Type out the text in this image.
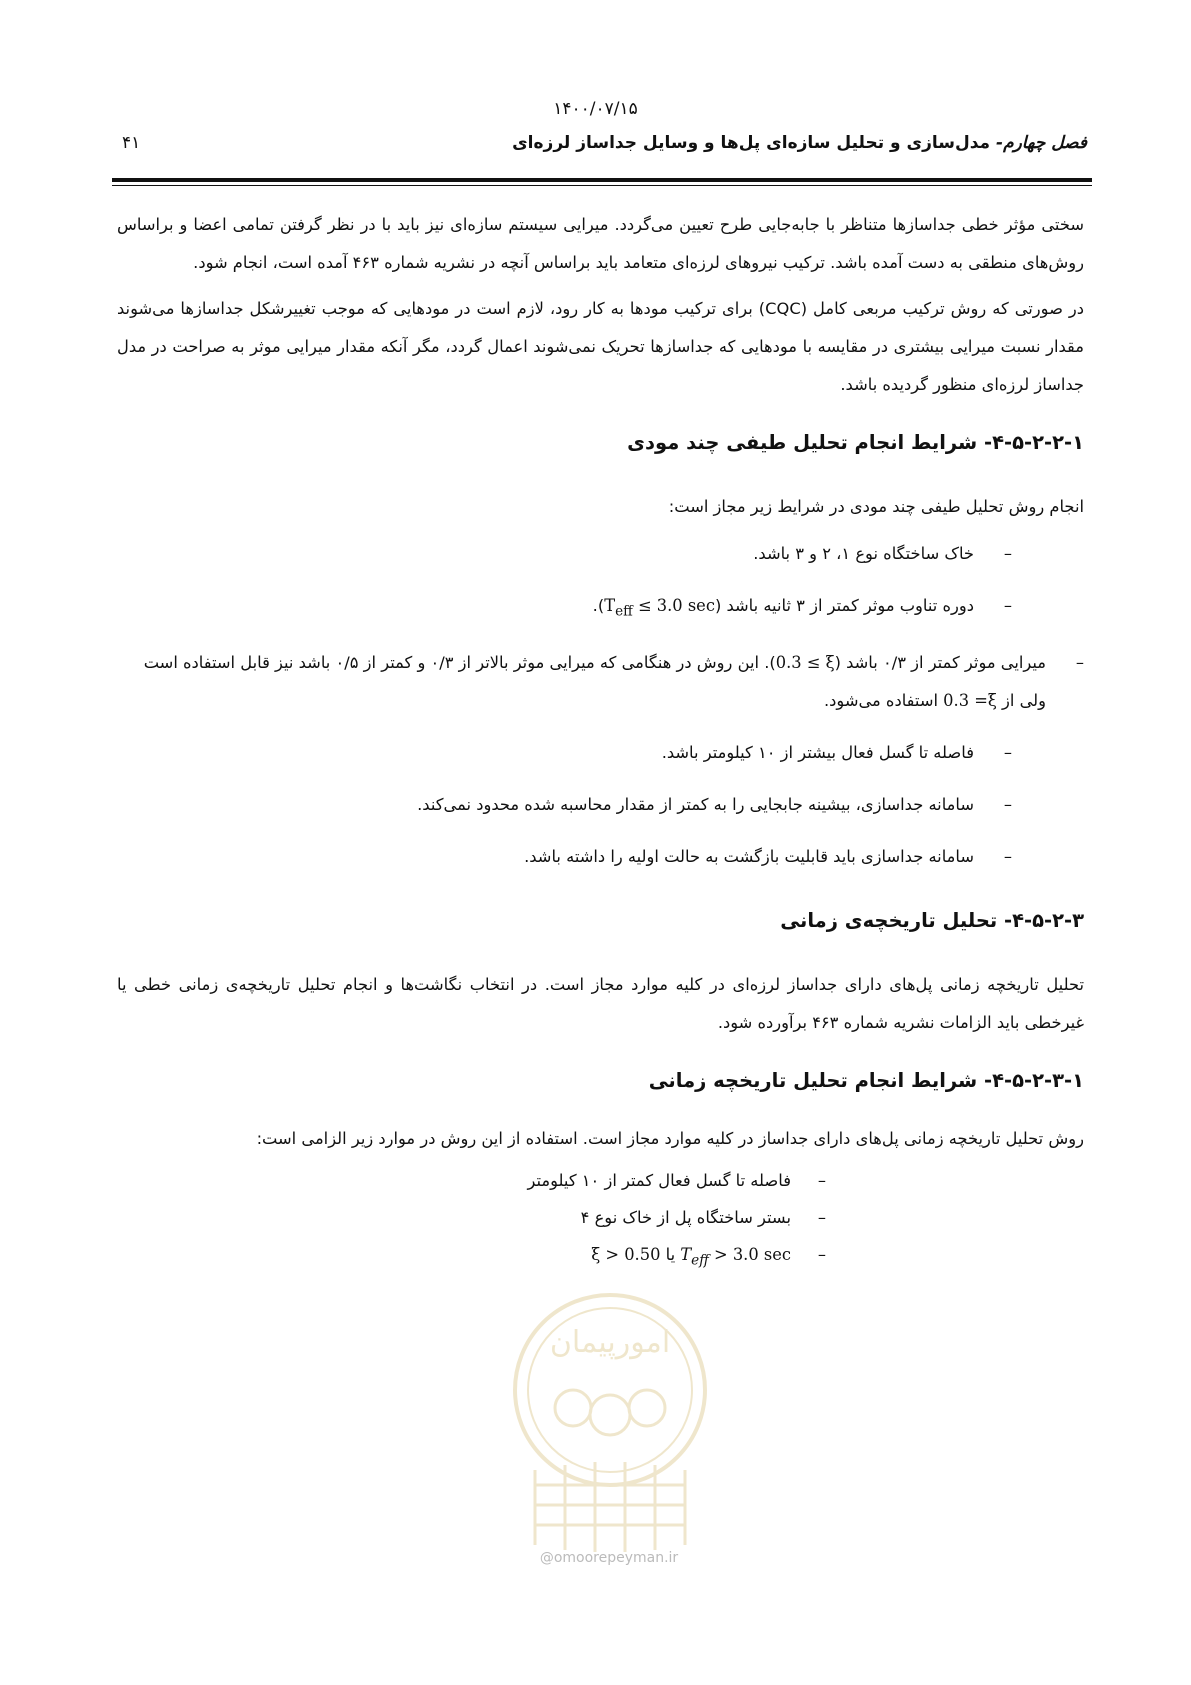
۱۴۰۰/۰۷/۱۵
فصل چهارم- مدل‌سازی و تحلیل سازه‌ای پل‌ها و وسایل جداساز لرزه‌ای
۴۱

سختی مؤثر خطی جداسازها متناظر با جابه‌جایی طرح تعیین می‌گردد. میرایی سیستم سازه‌ای نیز باید با در نظر گرفتن تمامی اعضا و براساس روش‌های منطقی به دست آمده باشد. ترکیب نیروهای لرزه‌ای متعامد باید براساس آنچه در نشریه شماره ۴۶۳ آمده است، انجام شود.

در صورتی که روش ترکیب مربعی کامل (CQC) برای ترکیب مودها به کار رود، لازم است در مودهایی که موجب تغییرشکل جداسازها می‌شوند مقدار نسبت میرایی بیشتری در مقایسه با مودهایی که جداسازها تحریک نمی‌شوند اعمال گردد، مگر آنکه مقدار میرایی موثر به صراحت در مدل جداساز لرزه‌ای منظور گردیده باشد.

۴-۵-۲-۲-۱- شرایط انجام تحلیل طیفی چند مودی

انجام روش تحلیل طیفی چند مودی در شرایط زیر مجاز است:

– خاک ساختگاه نوع ۱، ۲ و ۳ باشد.
– دوره تناوب موثر کمتر از ۳ ثانیه باشد ($T_{eff} \le 3.0$ sec).
– میرایی موثر کمتر از ۰/۳ باشد (0.3 ≤ ξ). این روش در هنگامی که میرایی موثر بالاتر از ۰/۳ و کمتر از ۰/۵ باشد نیز قابل استفاده است ولی از 0.3 =ξ استفاده می‌شود.
– فاصله تا گسل فعال بیشتر از ۱۰ کیلومتر باشد.
– سامانه جداسازی، بیشینه جابجایی را به کمتر از مقدار محاسبه شده محدود نمی‌کند.
– سامانه جداسازی باید قابلیت بازگشت به حالت اولیه را داشته باشد.
۴-۵-۲-۳- تحلیل تاریخچه‌ی زمانی

تحلیل تاریخچه زمانی پل‌های دارای جداساز لرزه‌ای در کلیه موارد مجاز است. در انتخاب نگاشت‌ها و انجام تحلیل تاریخچه‌ی زمانی خطی یا غیرخطی باید الزامات نشریه شماره ۴۶۳ برآورده شود.

۴-۵-۲-۳-۱- شرایط انجام تحلیل تاریخچه زمانی

روش تحلیل تاریخچه زمانی پل‌های دارای جداساز در کلیه موارد مجاز است. استفاده از این روش در موارد زیر الزامی است:

– فاصله تا گسل فعال کمتر از ۱۰ کیلومتر
– بستر ساختگاه پل از خاک نوع ۴
– $T_{eff} > 3.0$ sec یا ξ > 0.50
امورپیمان
@omoorepeyman.ir
